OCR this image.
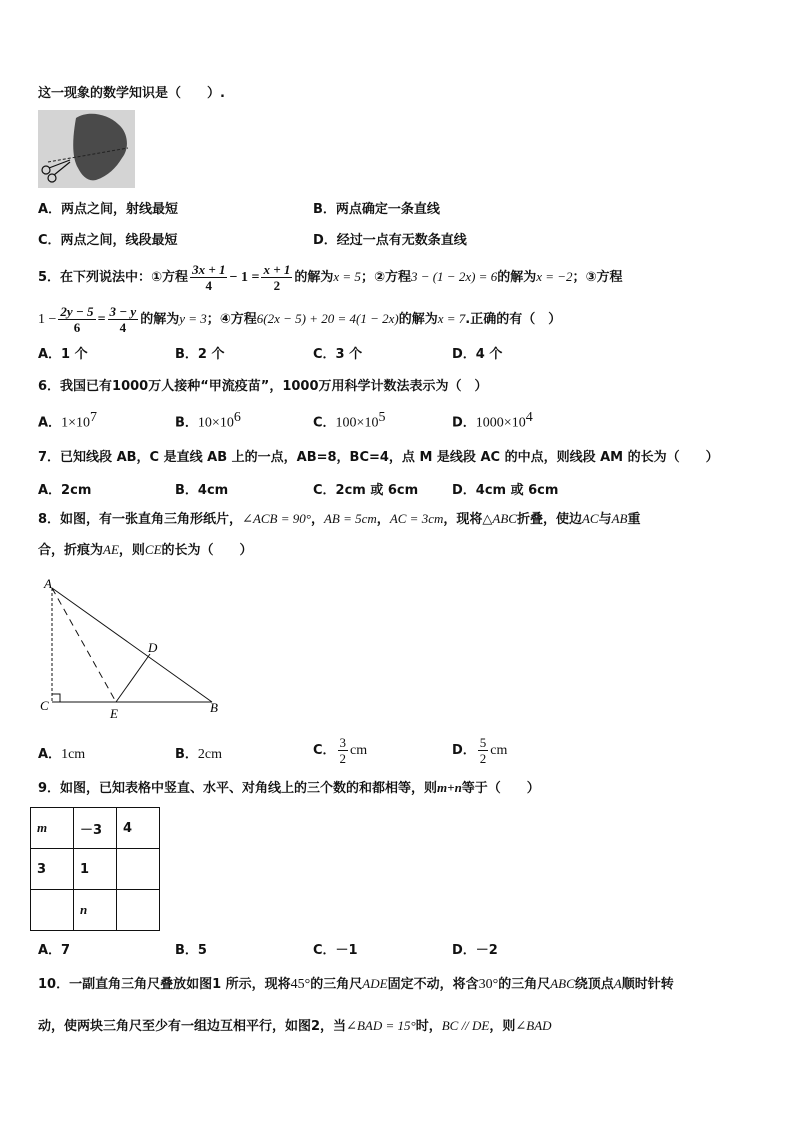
这一现象的数学知识是（　　）.
A．两点之间，射线最短	B．两点确定一条直线
C．两点之间，线段最短	D．经过一点有无数条直线
5．在下列说法中：①方程 $\frac{3x + 1}{4} - 1 = \frac{x + 1}{2}$ 的解为x = 5；②方程3 − (1 − 2x) = 6的解为x = −2；③方程
$1 - \frac{2y - 5}{6} = \frac{3 - y}{4}$ 的解为y = 3；④方程6(2x − 5) + 20 = 4(1 − 2x)的解为x = 7.正确的有（　）
A．1 个	B．2 个	C．3 个	D．4 个
6．我国已有1000万人接种“甲流疫苗”，1000万用科学计数法表示为（　）
A．$1\times 10^7$	B．$10\times 10^6$	C．$100\times 10^5$	D．$1000\times 10^4$
7．已知线段 AB，C 是直线 AB 上的一点，AB=8，BC=4，点 M 是线段 AC 的中点，则线段 AM 的长为（　　）
A．2cm	B．4cm	C．2cm 或 6cm	D．4cm 或 6cm
8．如图，有一张直角三角形纸片，∠ACB = 90°，AB = 5cm，AC = 3cm，现将△ABC折叠，使边AC与AB重
合，折痕为AE，则CE的长为（　　）
A
C
E	B
D
A．1cm	B．2cm	C． $\frac{3}{2}$ cm	D． $\frac{5}{2}$ cm
9．如图，已知表格中竖直、水平、对角线上的三个数的和都相等，则m+n等于（　　）
m	－3	4
3	1	
	n	
A．7	B．5	C．－1	D．－2
10．一副直角三角尺叠放如图1 所示，现将45°的三角尺ADE固定不动，将含30°的三角尺ABC绕顶点A顺时针转
动，使两块三角尺至少有一组边互相平行，如图2，当∠BAD = 15°时，BC // DE，则∠BAD
